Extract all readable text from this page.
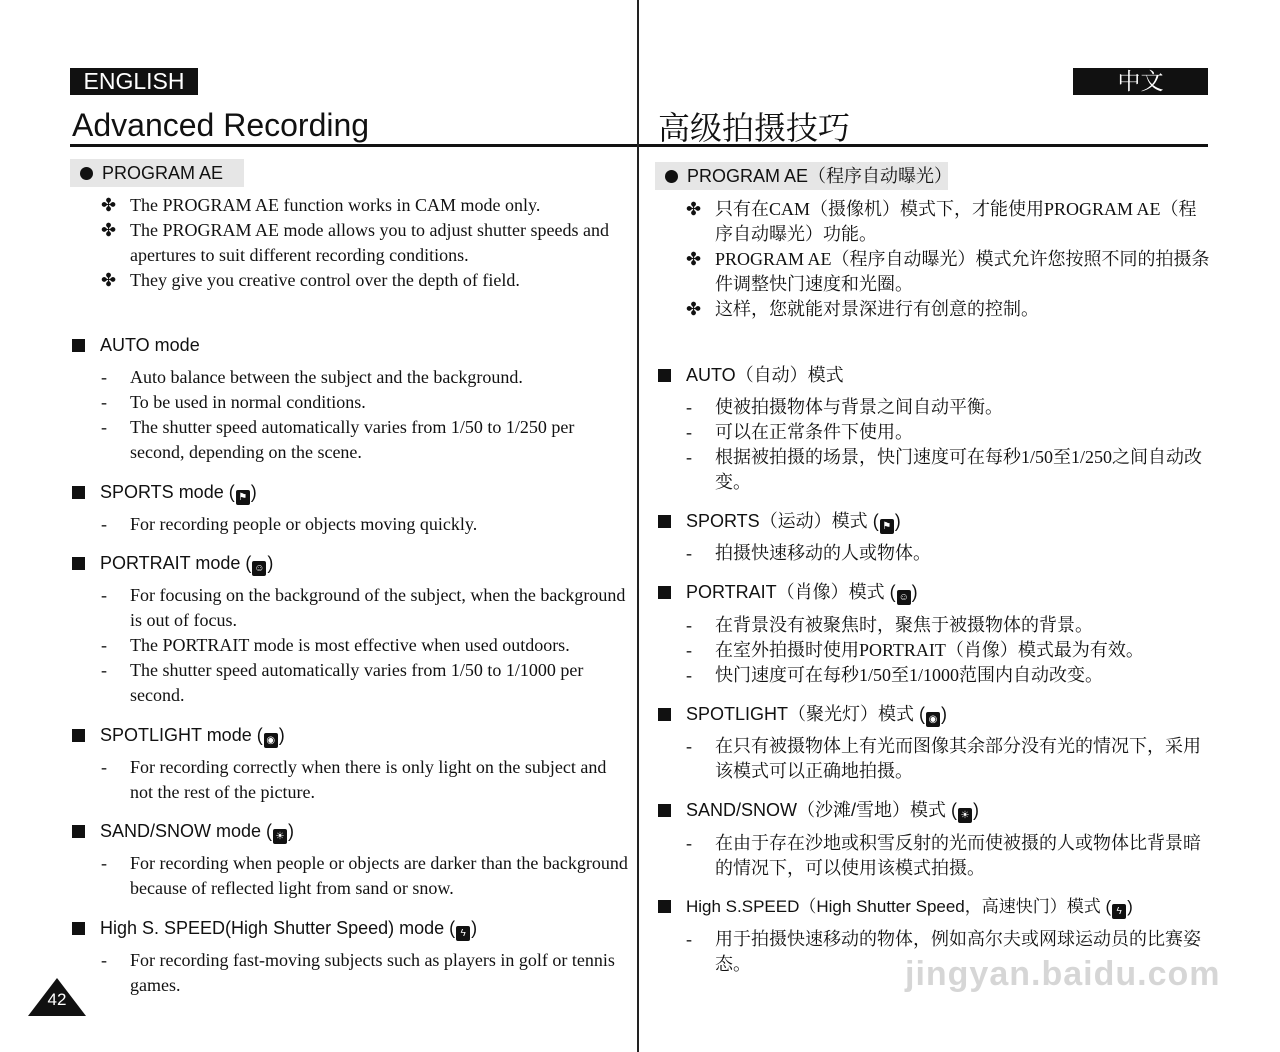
ENGLISH
Advanced Recording
PROGRAM AE
✤ The PROGRAM AE function works in CAM mode only.
✤ The PROGRAM AE mode allows you to adjust shutter speeds and apertures to suit different recording conditions.
✤ They give you creative control over the depth of field.
AUTO mode
- Auto balance between the subject and the background.
- To be used in normal conditions.
- The shutter speed automatically varies from 1/50 to 1/250 per second, depending on the scene.
SPORTS mode ( ⚑ )
- For recording people or objects moving quickly.
PORTRAIT mode ( ☺ )
- For focusing on the background of the subject, when the background is out of focus.
- The PORTRAIT mode is most effective when used outdoors.
- The shutter speed automatically varies from 1/50 to 1/1000 per second.
SPOTLIGHT mode ( ◉ )
- For recording correctly when there is only light on the subject and not the rest of the picture.
SAND/SNOW mode ( ☀ )
- For recording when people or objects are darker than the background because of reflected light from sand or snow.
High S. SPEED(High Shutter Speed) mode ( ϟ )
- For recording fast-moving subjects such as players in golf or tennis games.
42
中文
高级拍摄技巧
PROGRAM AE（程序自动曝光）
✤ 只有在CAM（摄像机）模式下，才能使用PROGRAM AE（程序自动曝光）功能。
✤ PROGRAM AE（程序自动曝光）模式允许您按照不同的拍摄条件调整快门速度和光圈。
✤ 这样，您就能对景深进行有创意的控制。
AUTO（自动）模式
- 使被拍摄物体与背景之间自动平衡。
- 可以在正常条件下使用。
- 根据被拍摄的场景，快门速度可在每秒1/50至1/250之间自动改变。
SPORTS（运动）模式 ( ⚑ )
- 拍摄快速移动的人或物体。
PORTRAIT（肖像）模式 ( ☺ )
- 在背景没有被聚焦时，聚焦于被摄物体的背景。
- 在室外拍摄时使用PORTRAIT（肖像）模式最为有效。
- 快门速度可在每秒1/50至1/1000范围内自动改变。
SPOTLIGHT（聚光灯）模式 ( ◉ )
- 在只有被摄物体上有光而图像其余部分没有光的情况下，采用该模式可以正确地拍摄。
SAND/SNOW（沙滩/雪地）模式 ( ☀ )
- 在由于存在沙地或积雪反射的光而使被摄的人或物体比背景暗的情况下，可以使用该模式拍摄。
High S.SPEED（High Shutter Speed，高速快门）模式 ( ϟ )
- 用于拍摄快速移动的物体，例如高尔夫或网球运动员的比赛姿态。	jingyan.baidu.com
